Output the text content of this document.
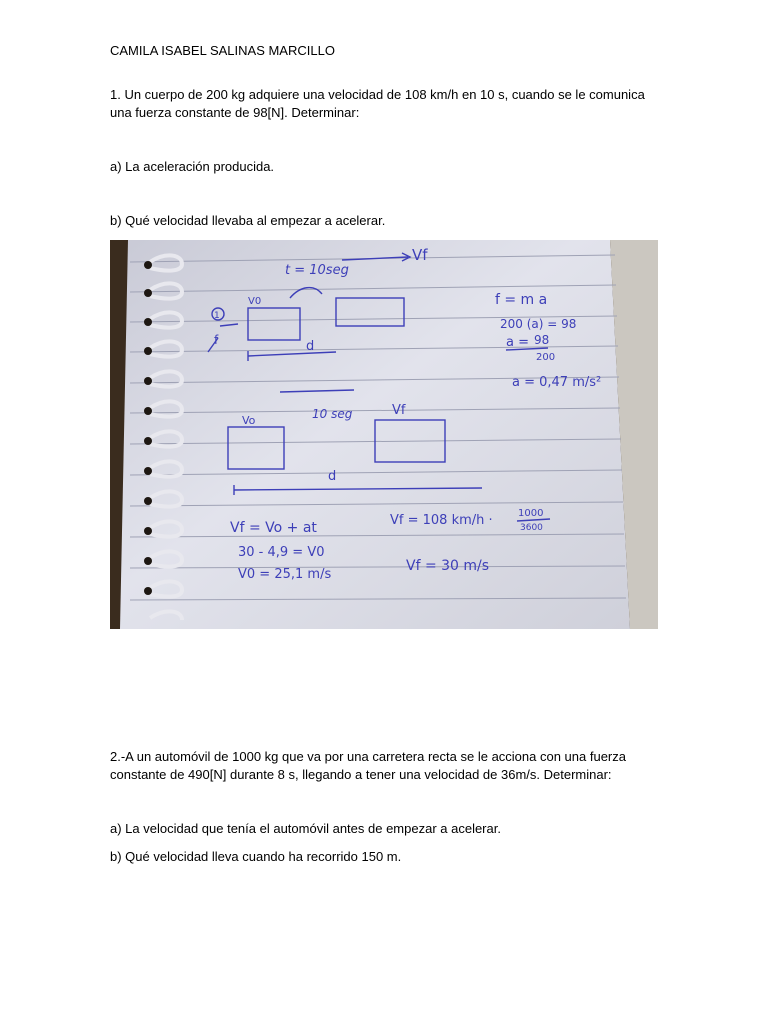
CAMILA ISABEL SALINAS MARCILLO

1. Un cuerpo de 200 kg adquiere una velocidad de 108 km/h en 10 s, cuando se le comunica una fuerza constante de 98[N]. Determinar:

a) La aceleración producida.

b) Qué velocidad llevaba al empezar a acelerar.

t = 10seg
Vf
1
f
V0
d
f = m a
200 (a) = 98
a = 98
200
a = 0,47 m/s²
Vo	10 seg	Vf
d
Vf = Vo + at
30 - 4,9 = V0
V0 = 25,1 m/s
Vf = 108 km/h ·	1000
3600
Vf = 30 m/s

2.-A un automóvil de 1000 kg que va por una carretera recta se le acciona con una fuerza constante de 490[N] durante 8 s, llegando a tener una velocidad de 36m/s. Determinar:

a) La velocidad que tenía el automóvil antes de empezar a acelerar.

b) Qué velocidad lleva cuando ha recorrido 150 m.
